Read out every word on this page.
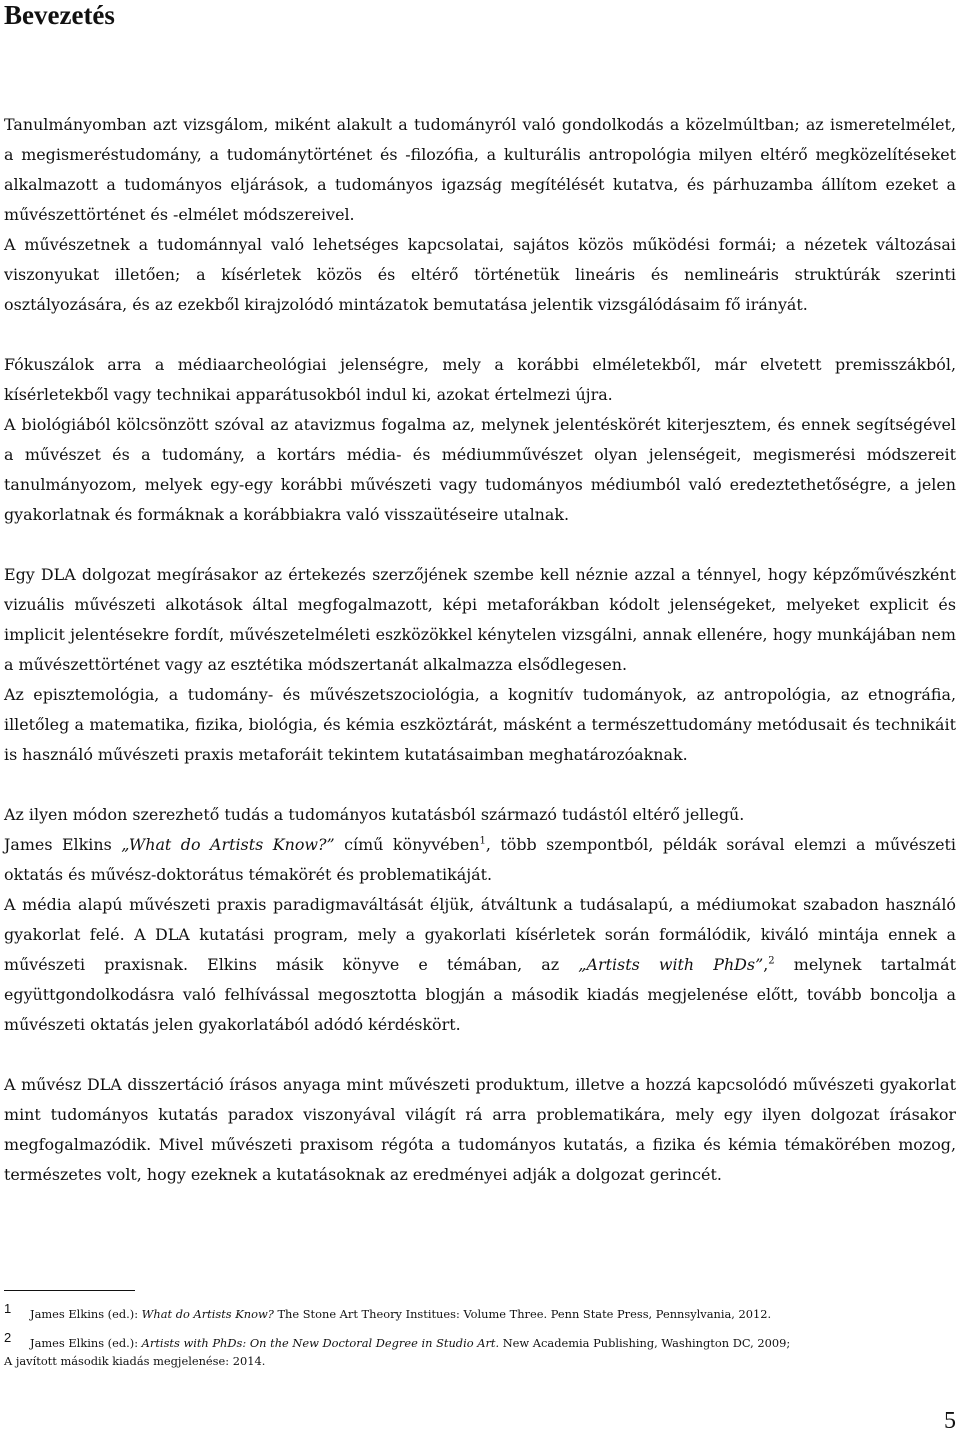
Bevezetés

Tanulmányomban azt vizsgálom, miként alakult a tudományról való gondolkodás a közelmúltban; az ismeretelmélet, a megismeréstudomány, a tudománytörténet és -filozófia, a kulturális antropológia milyen eltérő megközelítéseket alkalmazott a tudományos eljárások, a tudományos igazság megítélését kutatva, és párhuzamba állítom ezeket a művészettörténet és -elmélet módszereivel.

A művészetnek a tudománnyal való lehetséges kapcsolatai, sajátos közös működési formái; a nézetek változásai viszonyukat illetően; a kísérletek közös és eltérő történetük lineáris és nemlineáris struktúrák szerinti osztályozására, és az ezekből kirajzolódó mintázatok bemutatása jelentik vizsgálódásaim fő irányát.

Fókuszálok arra a médiaarcheológiai jelenségre, mely a korábbi elméletekből, már elvetett premisszákból, kísérletekből vagy technikai apparátusokból indul ki, azokat értelmezi újra.

A biológiából kölcsönzött szóval az atavizmus fogalma az, melynek jelentéskörét kiterjesztem, és ennek segítségével a művészet és a tudomány, a kortárs média- és médiumművészet olyan jelenségeit, megismerési módszereit tanulmányozom, melyek egy-egy korábbi művészeti vagy tudományos médiumból való eredeztethetőségre, a jelen gyakorlatnak és formáknak a korábbiakra való visszaütéseire utalnak.

Egy DLA dolgozat megírásakor az értekezés szerzőjének szembe kell néznie azzal a ténnyel, hogy képzőművészként vizuális művészeti alkotások által megfogalmazott, képi metaforákban kódolt jelenségeket, melyeket explicit és implicit jelentésekre fordít, művészetelméleti eszközökkel kénytelen vizsgálni, annak ellenére, hogy munkájában nem a művészettörténet vagy az esztétika módszertanát alkalmazza elsődlegesen.

Az episztemológia, a tudomány- és művészetszociológia, a kognitív tudományok, az antropológia, az etnográfia, illetőleg a matematika, fizika, biológia, és kémia eszköztárát, másként a természettudomány metódusait és technikáit is használó művészeti praxis metaforáit tekintem kutatásaimban meghatározóaknak.

Az ilyen módon szerezhető tudás a tudományos kutatásból származó tudástól eltérő jellegű.

James Elkins „What do Artists Know?” című könyvében$^1$, több szempontból, példák sorával elemzi a művészeti oktatás és művész-doktorátus témakörét és problematikáját.

A média alapú művészeti praxis paradigmaváltását éljük, átváltunk a tudásalapú, a médiumokat szabadon használó gyakorlat felé. A DLA kutatási program, mely a gyakorlati kísérletek során formálódik, kiváló mintája ennek a művészeti praxisnak. Elkins másik könyve e témában, az „Artists with PhDs”,$^2$ melynek tartalmát együttgondolkodásra való felhívással megosztotta blogján a második kiadás megjelenése előtt, tovább boncolja a művészeti oktatás jelen gyakorlatából adódó kérdéskört.

A művész DLA disszertáció írásos anyaga mint művészeti produktum, illetve a hozzá kapcsolódó művészeti gyakorlat mint tudományos kutatás paradox viszonyával világít rá arra problematikára, mely egy ilyen dolgozat írásakor megfogalmazódik. Mivel művészeti praxisom régóta a tudományos kutatás, a fizika és kémia témakörében mozog, természetes volt, hogy ezeknek a kutatásoknak az eredményei adják a dolgozat gerincét.

1 James Elkins (ed.): What do Artists Know? The Stone Art Theory Institues: Volume Three. Penn State Press, Pennsylvania, 2012.

2 James Elkins (ed.): Artists with PhDs: On the New Doctoral Degree in Studio Art. New Academia Publishing, Washington DC, 2009;
A javított második kiadás megjelenése: 2014.

5
